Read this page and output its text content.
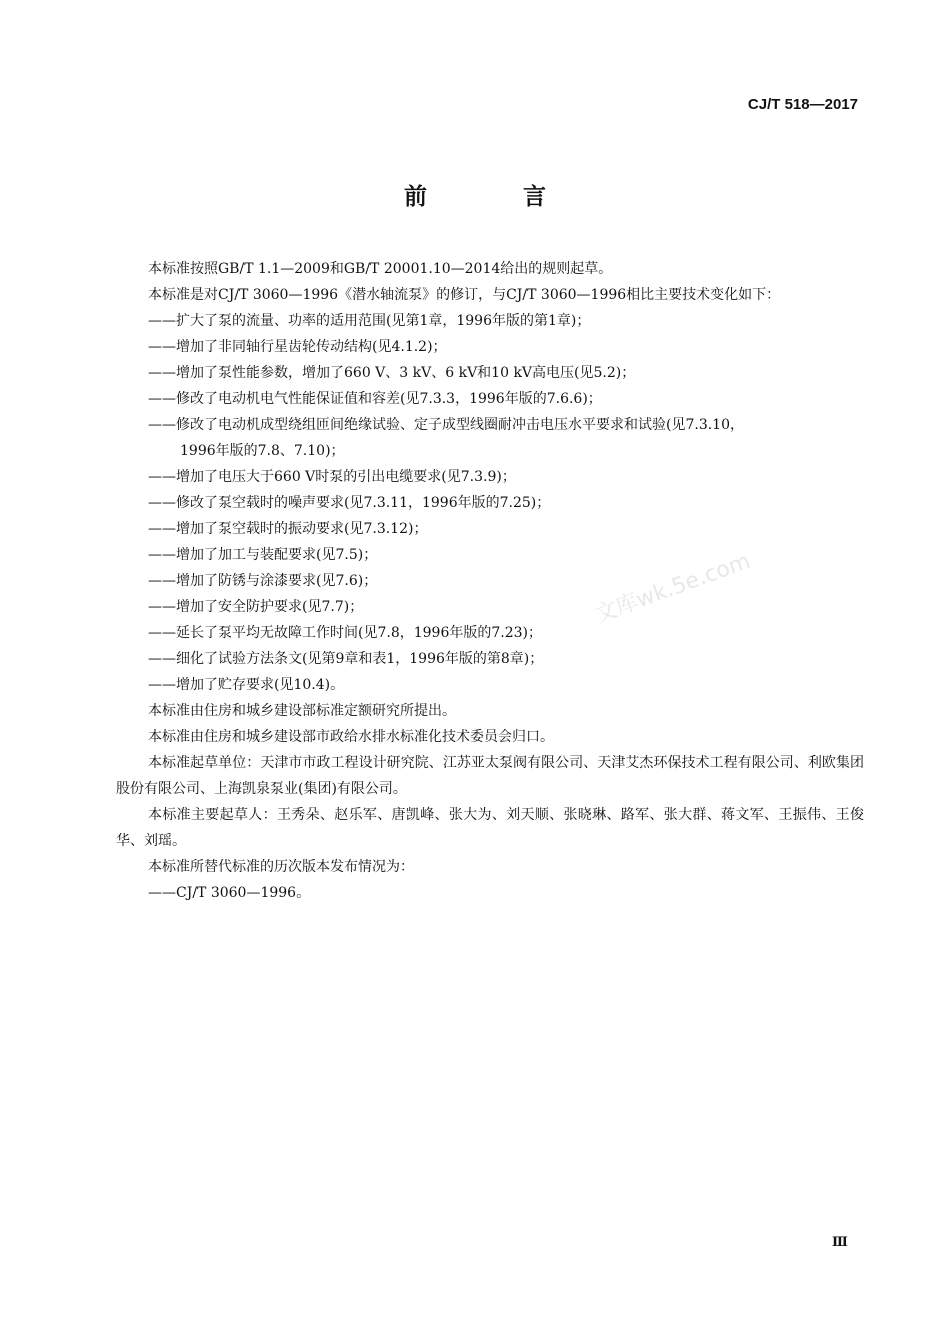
CJ/T 518—2017
前 言
本标准按照GB/T 1.1—2009和GB/T 20001.10—2014给出的规则起草。
本标准是对CJ/T 3060—1996《潜水轴流泵》的修订，与CJ/T 3060—1996相比主要技术变化如下：
——扩大了泵的流量、功率的适用范围(见第1章，1996年版的第1章)；
——增加了非同轴行星齿轮传动结构(见4.1.2)；
——增加了泵性能参数，增加了660 V、3 kV、6 kV和10 kV高电压(见5.2)；
——修改了电动机电气性能保证值和容差(见7.3.3，1996年版的7.6.6)；
——修改了电动机成型绕组匝间绝缘试验、定子成型线圈耐冲击电压水平要求和试验(见7.3.10，
1996年版的7.8、7.10)；
——增加了电压大于660 V时泵的引出电缆要求(见7.3.9)；
——修改了泵空载时的噪声要求(见7.3.11，1996年版的7.25)；
——增加了泵空载时的振动要求(见7.3.12)；
——增加了加工与装配要求(见7.5)；
——增加了防锈与涂漆要求(见7.6)；
——增加了安全防护要求(见7.7)；
——延长了泵平均无故障工作时间(见7.8，1996年版的7.23)；
——细化了试验方法条文(见第9章和表1，1996年版的第8章)；
——增加了贮存要求(见10.4)。
本标准由住房和城乡建设部标准定额研究所提出。
本标准由住房和城乡建设部市政给水排水标准化技术委员会归口。
本标准起草单位：天津市市政工程设计研究院、江苏亚太泵阀有限公司、天津艾杰环保技术工程有限公司、利欧集团股份有限公司、上海凯泉泵业(集团)有限公司。
本标准主要起草人：王秀朵、赵乐军、唐凯峰、张大为、刘天顺、张晓琳、路军、张大群、蒋文军、王振伟、王俊华、刘瑶。
本标准所替代标准的历次版本发布情况为：
——CJ/T 3060—1996。
文库wk.5e.com
Ⅲ
